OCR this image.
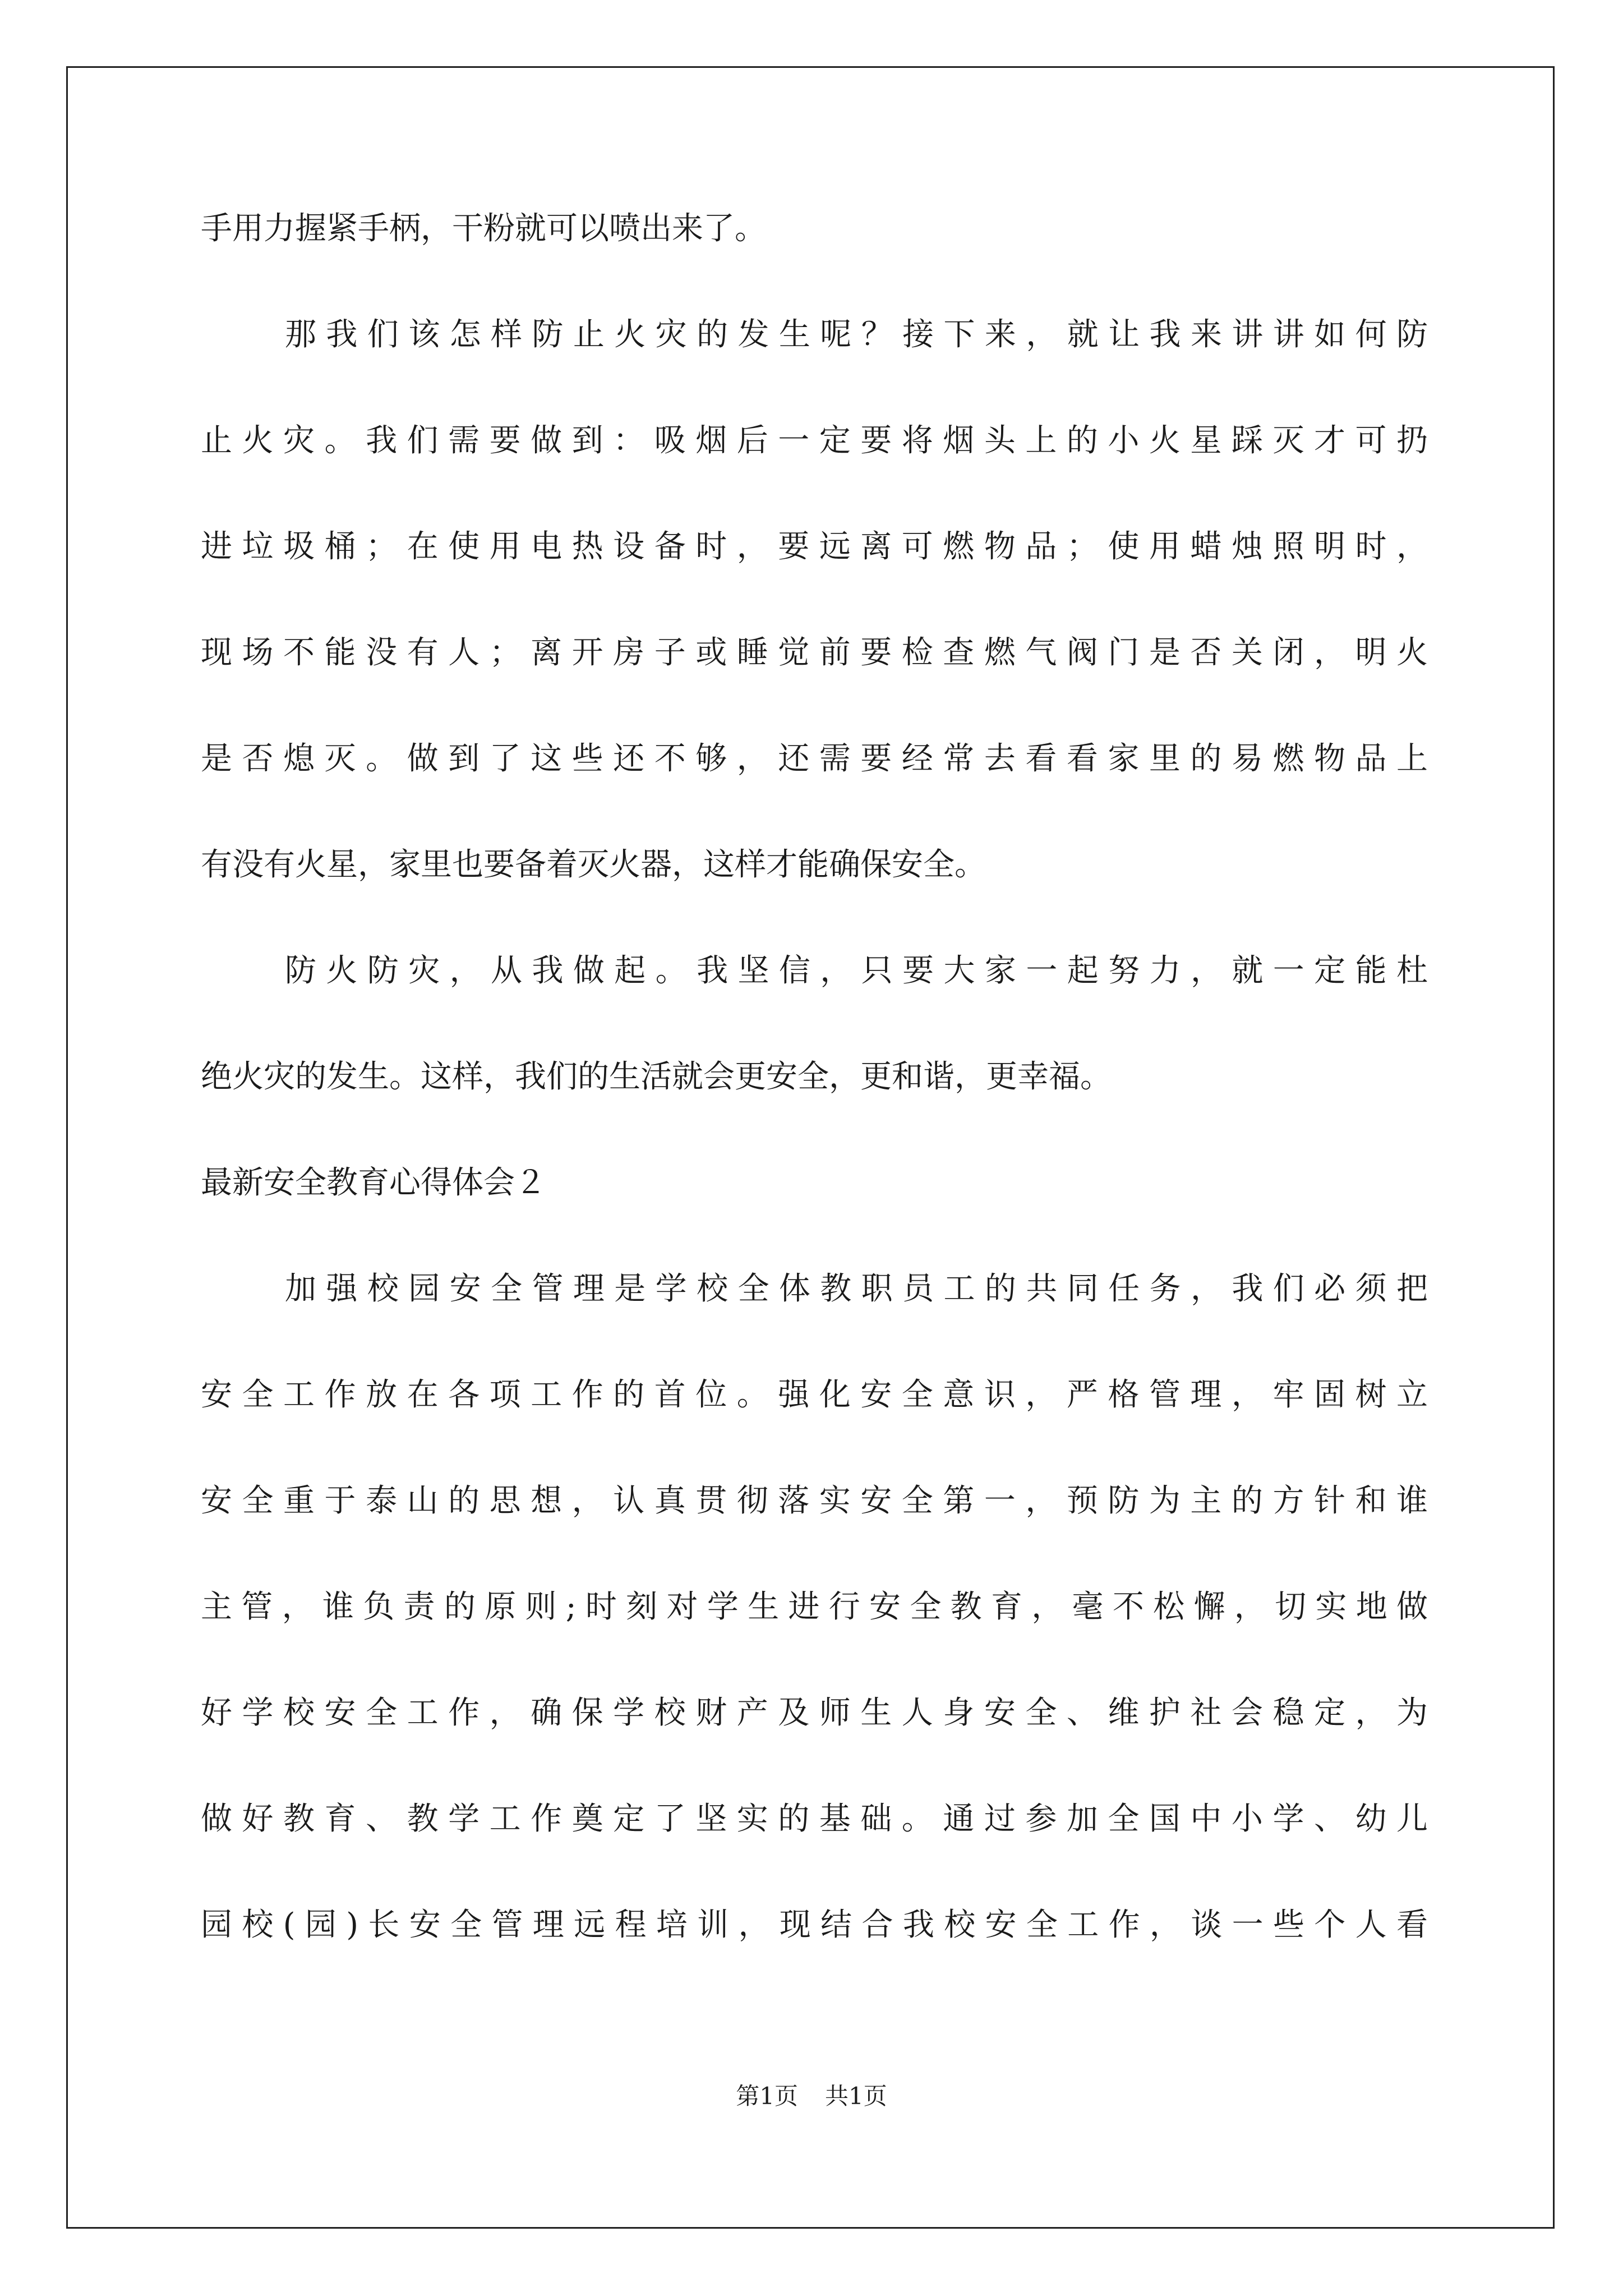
手用力握紧手柄，干粉就可以喷出来了。
那我们该怎样防止火灾的发生呢？接下来，就让我来讲讲如何防
止火灾。我们需要做到：吸烟后一定要将烟头上的小火星踩灭才可扔
进垃圾桶；在使用电热设备时，要远离可燃物品；使用蜡烛照明时，
现场不能没有人；离开房子或睡觉前要检查燃气阀门是否关闭，明火
是否熄灭。做到了这些还不够，还需要经常去看看家里的易燃物品上
有没有火星，家里也要备着灭火器，这样才能确保安全。
防火防灾，从我做起。我坚信，只要大家一起努力，就一定能杜
绝火灾的发生。这样，我们的生活就会更安全，更和谐，更幸福。
最新安全教育心得体会２
加强校园安全管理是学校全体教职员工的共同任务，我们必须把
安全工作放在各项工作的首位。强化安全意识，严格管理，牢固树立
安全重于泰山的思想，认真贯彻落实安全第一，预防为主的方针和谁
主管，谁负责的原则;时刻对学生进行安全教育，毫不松懈，切实地做
好学校安全工作，确保学校财产及师生人身安全、维护社会稳定，为
做好教育、教学工作奠定了坚实的基础。通过参加全国中小学、幼儿
园校(园)长安全管理远程培训，现结合我校安全工作，谈一些个人看
第1页 共1页
